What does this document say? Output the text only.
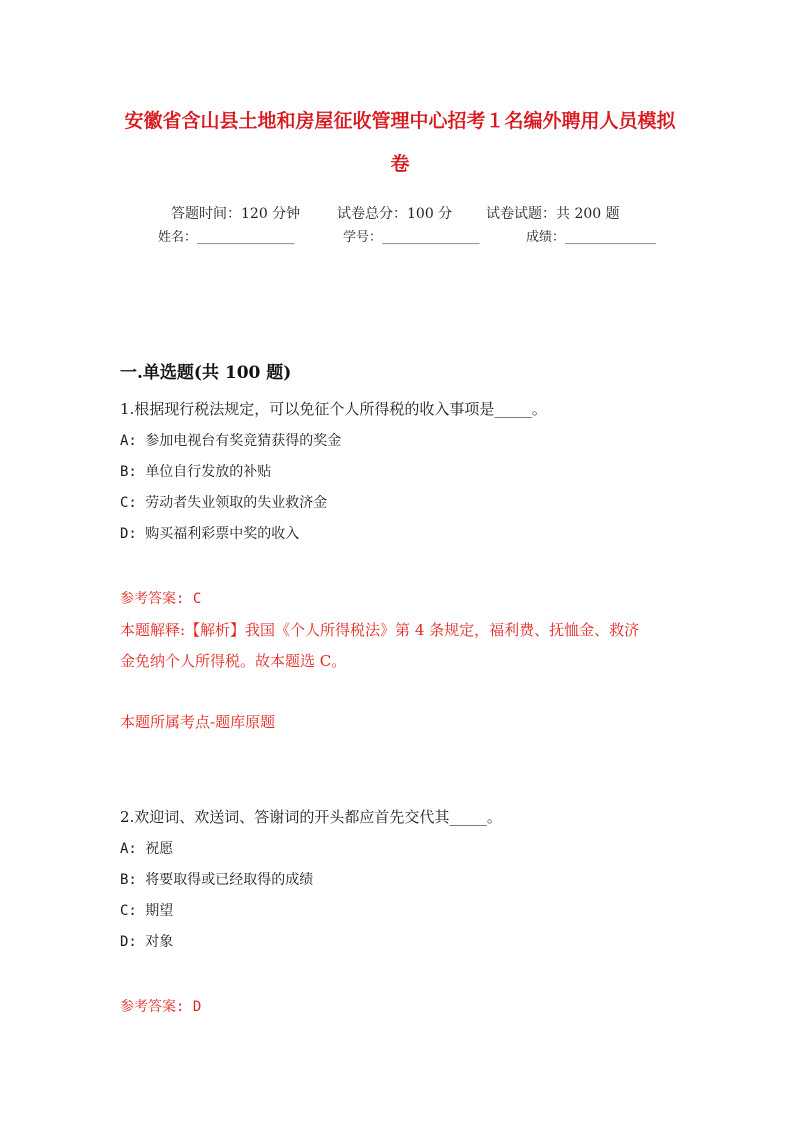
安徽省含山县土地和房屋征收管理中心招考１名编外聘用人员模拟
卷
答题时间：120 分钟	试卷总分：100 分 试卷试题：共 200 题
姓名：_______________	学号：_______________	成绩：______________
一.单选题(共 100 题)
1.根据现行税法规定，可以免征个人所得税的收入事项是_____。
A: 参加电视台有奖竞猜获得的奖金
B: 单位自行发放的补贴
C: 劳动者失业领取的失业救济金
D: 购买福利彩票中奖的收入
参考答案: C
本题解释:【解析】我国《个人所得税法》第 4 条规定，福利费、抚恤金、救济
金免纳个人所得税。故本题选 C。
本题所属考点-题库原题
2.欢迎词、欢送词、答谢词的开头都应首先交代其_____。
A: 祝愿
B: 将要取得或已经取得的成绩
C: 期望
D: 对象
参考答案: D
